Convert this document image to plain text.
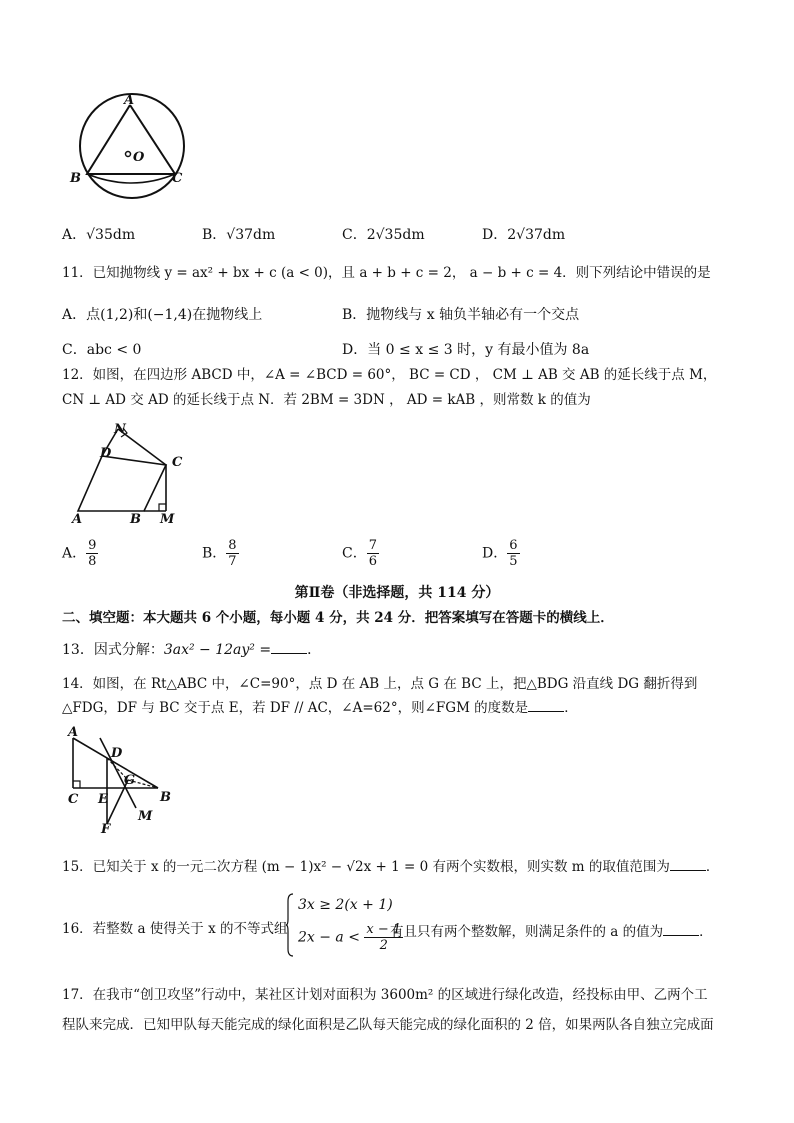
A
B	C
O
A．√35dm	B．√37dm	C．2√35dm	D．2√37dm
11．已知抛物线 y = ax² + bx + c (a < 0)，且 a + b + c = 2， a − b + c = 4．则下列结论中错误的是
A．点(1,2)和(−1,4)在抛物线上	B．抛物线与 x 轴负半轴必有一个交点
C．abc < 0	D．当 0 ≤ x ≤ 3 时，y 有最小值为 8a
12．如图，在四边形 ABCD 中，∠A = ∠BCD = 60°， BC = CD ， CM ⊥ AB 交 AB 的延长线于点 M，
CN ⊥ AD 交 AD 的延长线于点 N．若 2BM = 3DN ， AD = kAB ，则常数 k 的值为
N
D
C
A	B M
A． $\frac{9}{8}$	B． $\frac{8}{7}$	C． $\frac{7}{6}$	D． $\frac{6}{5}$
第Ⅱ卷（非选择题，共 114 分）
二、填空题：本大题共 6 个小题，每小题 4 分，共 24 分．把答案填写在答题卡的横线上．
13．因式分解：3ax² − 12ay² =	．
14．如图，在 Rt△ABC 中，∠C=90°，点 D 在 AB 上，点 G 在 BC 上，把△BDG 沿直线 DG 翻折得到
△FDG，DF 与 BC 交于点 E，若 DF // AC，∠A=62°，则∠FGM 的度数是	．
A
D
G
C E	B
F
M
15．已知关于 x 的一元二次方程 (m − 1)x² − √2x + 1 = 0 有两个实数根，则实数 m 的取值范围为	．
16．若整数 a 使得关于 x 的不等式组
3x ≥ 2(x + 1)
$2x - a < \frac{x - 1}{2}$
有且只有两个整数解，则满足条件的 a 的值为	．
17．在我市“创卫攻坚”行动中，某社区计划对面积为 3600m² 的区域进行绿化改造，经投标由甲、乙两个工
程队来完成．已知甲队每天能完成的绿化面积是乙队每天能完成的绿化面积的 2 倍，如果两队各自独立完成面
